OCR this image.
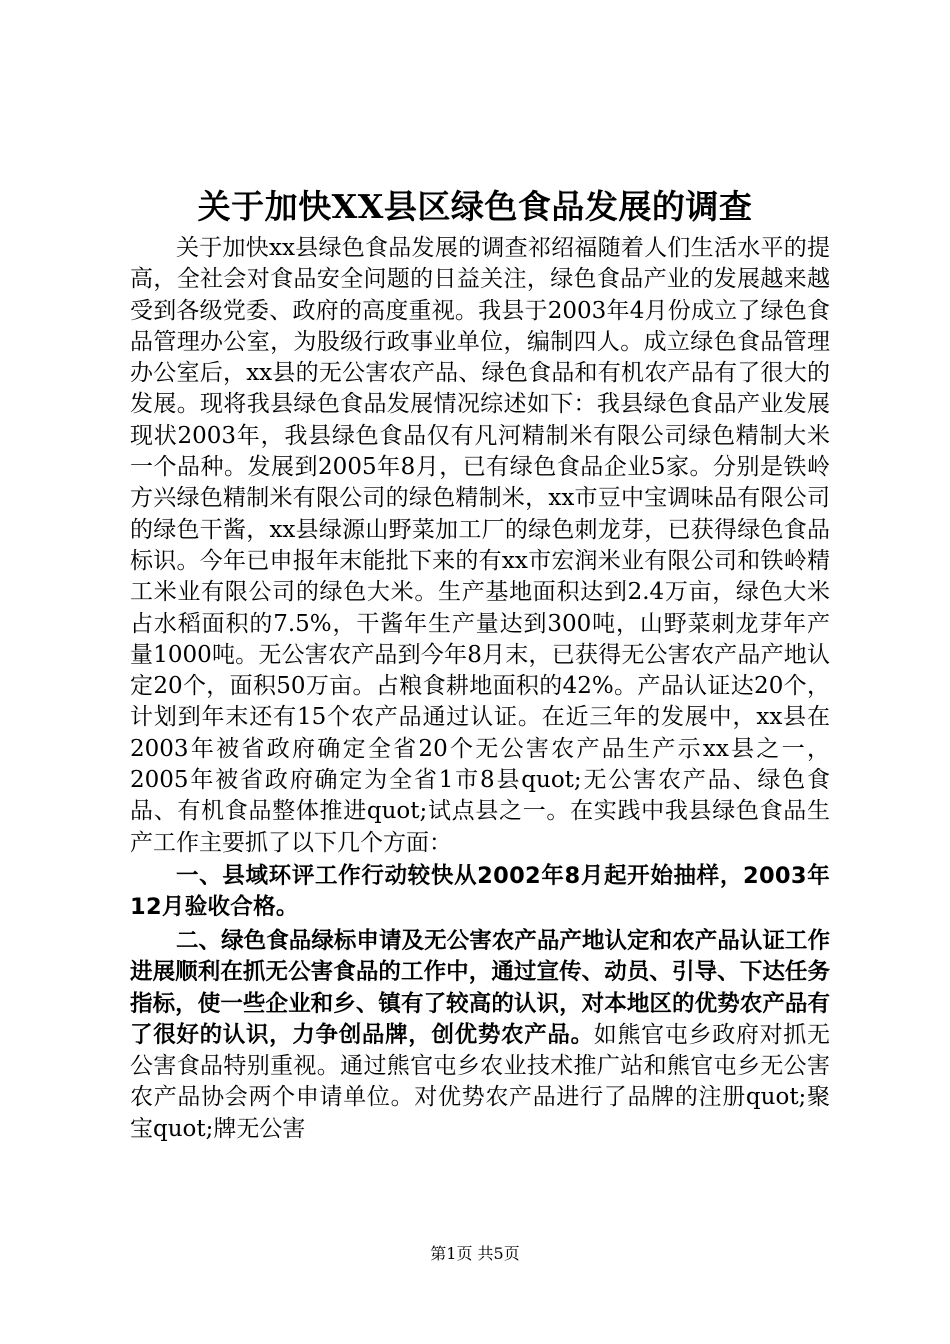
关于加快XX县区绿色食品发展的调查

关于加快xx县绿色食品发展的调查祁绍福随着人们生活水平的提高，全社会对食品安全问题的日益关注，绿色食品产业的发展越来越受到各级党委、政府的高度重视。我县于2003年4月份成立了绿色食品管理办公室，为股级行政事业单位，编制四人。成立绿色食品管理办公室后，xx县的无公害农产品、绿色食品和有机农产品有了很大的发展。现将我县绿色食品发展情况综述如下：我县绿色食品产业发展现状2003年，我县绿色食品仅有凡河精制米有限公司绿色精制大米一个品种。发展到2005年8月，已有绿色食品企业5家。分别是铁岭方兴绿色精制米有限公司的绿色精制米，xx市豆中宝调味品有限公司的绿色干酱，xx县绿源山野菜加工厂的绿色刺龙芽，已获得绿色食品标识。今年已申报年末能批下来的有xx市宏润米业有限公司和铁岭精工米业有限公司的绿色大米。生产基地面积达到2.4万亩，绿色大米占水稻面积的7.5%，干酱年生产量达到300吨，山野菜刺龙芽年产量1000吨。无公害农产品到今年8月末，已获得无公害农产品产地认定20个，面积50万亩。占粮食耕地面积的42%。产品认证达20个，计划到年末还有15个农产品通过认证。在近三年的发展中，xx县在2003年被省政府确定全省20个无公害农产品生产示xx县之一，2005年被省政府确定为全省1市8县quot;无公害农产品、绿色食品、有机食品整体推进quot;试点县之一。在实践中我县绿色食品生产工作主要抓了以下几个方面：

一、县域环评工作行动较快从2002年8月起开始抽样，2003年12月验收合格。

二、绿色食品绿标申请及无公害农产品产地认定和农产品认证工作进展顺利在抓无公害食品的工作中，通过宣传、动员、引导、下达任务指标，使一些企业和乡、镇有了较高的认识，对本地区的优势农产品有了很好的认识，力争创品牌，创优势农产品。如熊官屯乡政府对抓无公害食品特别重视。通过熊官屯乡农业技术推广站和熊官屯乡无公害农产品协会两个申请单位。对优势农产品进行了品牌的注册quot;聚宝quot;牌无公害

第1页 共5页
